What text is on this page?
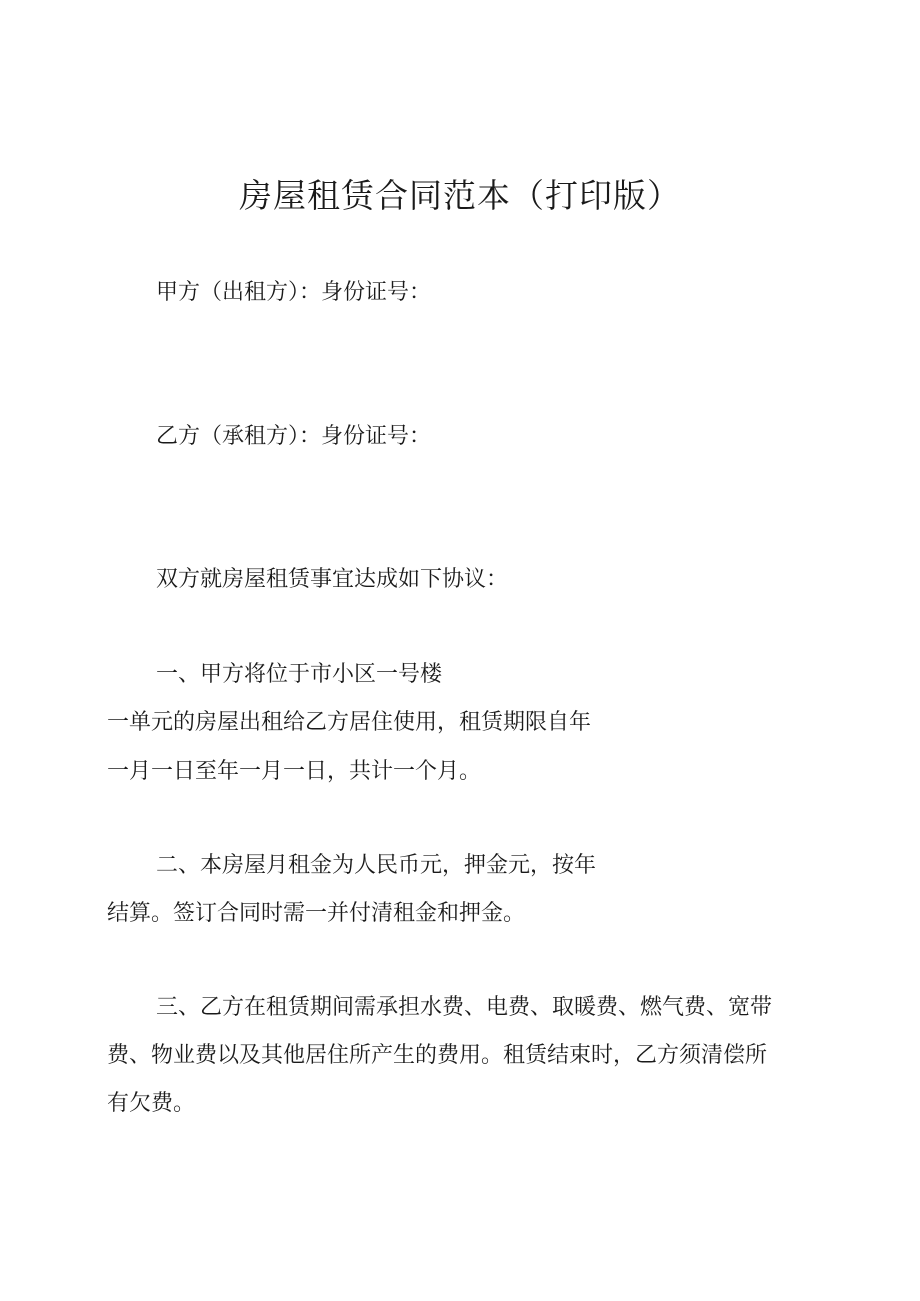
房屋租赁合同范本（打印版）

甲方（出租方）：身份证号：

乙方（承租方）：身份证号：

双方就房屋租赁事宜达成如下协议：

一、甲方将位于市小区一号楼

一单元的房屋出租给乙方居住使用，租赁期限自年

一月一日至年一月一日，共计一个月。

二、本房屋月租金为人民币元，押金元，按年

结算。签订合同时需一并付清租金和押金。

三、乙方在租赁期间需承担水费、电费、取暖费、燃气费、宽带

费、物业费以及其他居住所产生的费用。租赁结束时，乙方须清偿所

有欠费。
